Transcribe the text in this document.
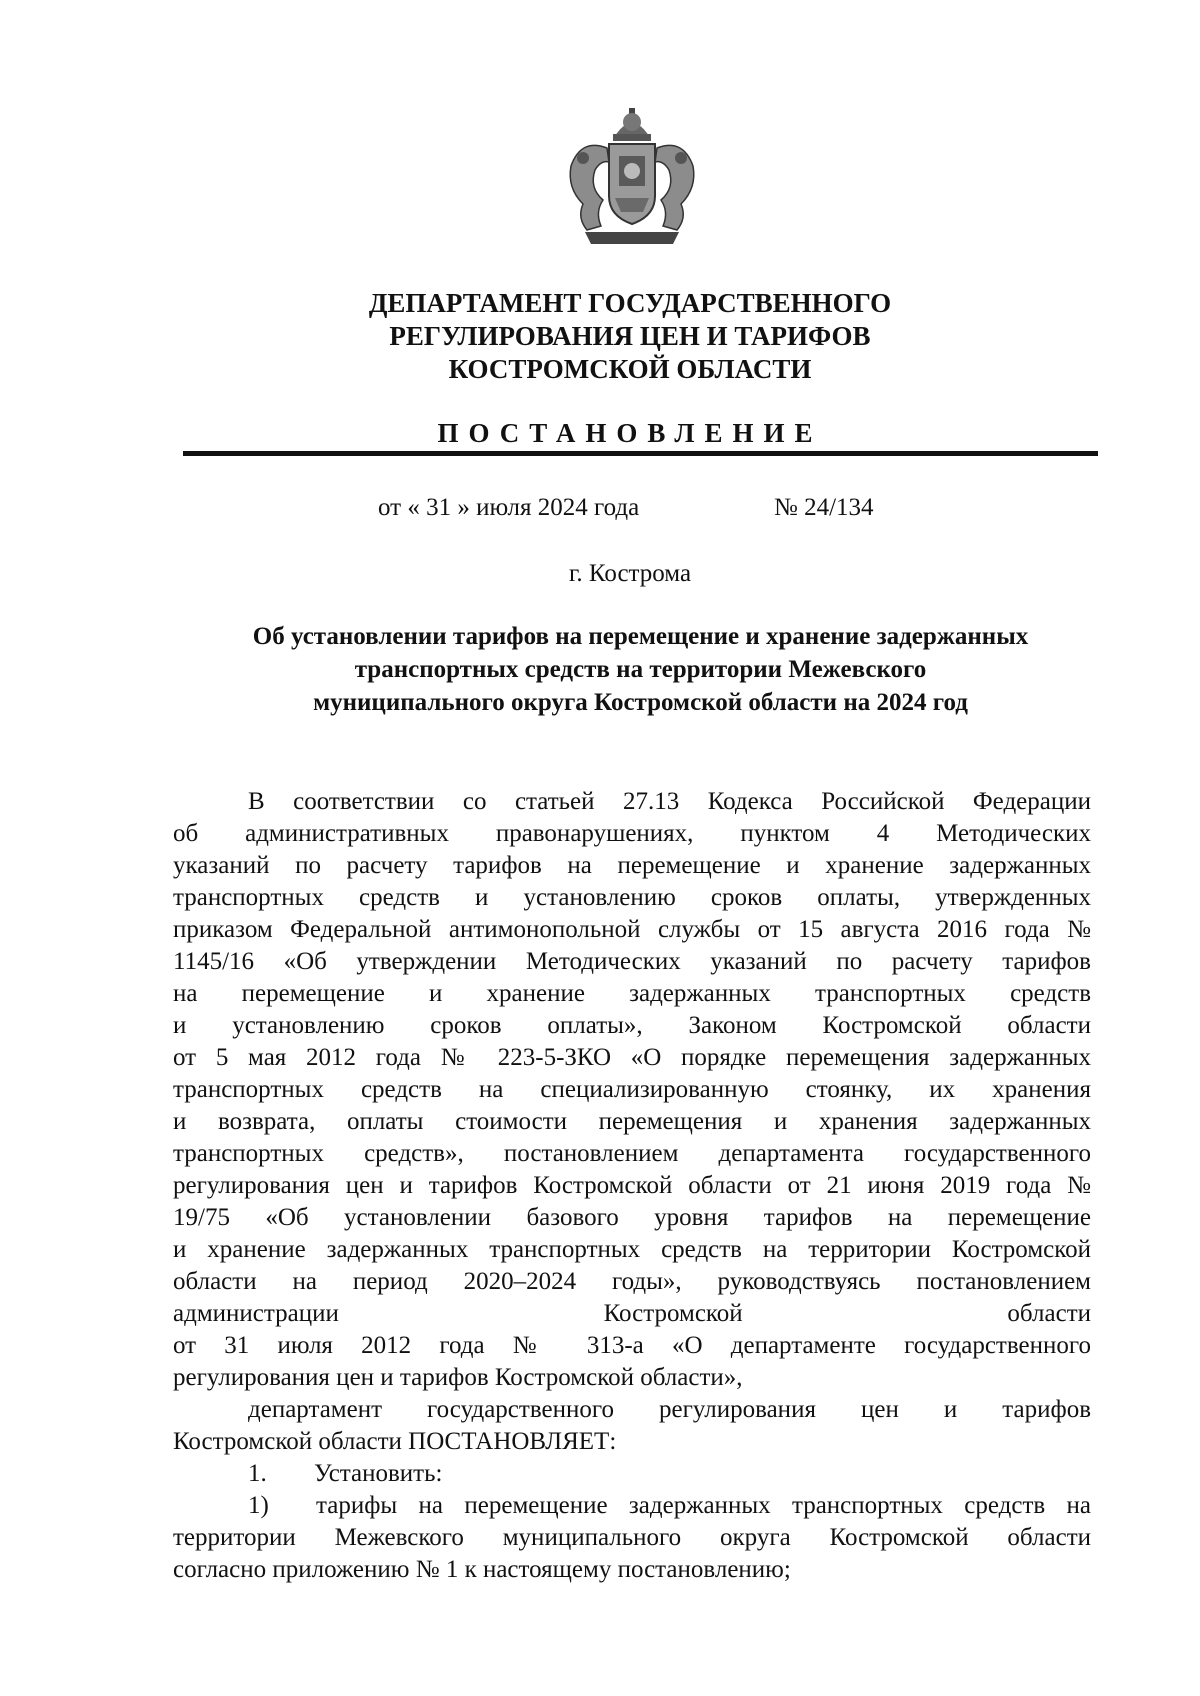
ДЕПАРТАМЕНТ ГОСУДАРСТВЕННОГО
РЕГУЛИРОВАНИЯ ЦЕН И ТАРИФОВ
КОСТРОМСКОЙ ОБЛАСТИ
ПОСТАНОВЛЕНИЕ
от « 31 » июля 2024 года	№ 24/134
г. Кострома
Об установлении тарифов на перемещение и хранение задержанных
транспортных средств на территории Межевского
муниципального округа Костромской области на 2024 год
В соответствии со статьей 27.13 Кодекса Российской Федерации
об административных правонарушениях, пунктом 4 Методических
указаний по расчету тарифов на перемещение и хранение задержанных
транспортных средств и установлению сроков оплаты, утвержденных
приказом Федеральной антимонопольной службы от 15 августа 2016 года №
1145/16 «Об утверждении Методических указаний по расчету тарифов
на перемещение и хранение задержанных транспортных средств
и установлению сроков оплаты», Законом Костромской области
от 5 мая 2012 года № 223-5-ЗКО «О порядке перемещения задержанных
транспортных средств на специализированную стоянку, их хранения
и возврата, оплаты стоимости перемещения и хранения задержанных
транспортных средств», постановлением департамента государственного
регулирования цен и тарифов Костромской области от 21 июня 2019 года №
19/75 «Об установлении базового уровня тарифов на перемещение
и хранение задержанных транспортных средств на территории Костромской
области на период 2020–2024 годы», руководствуясь постановлением
администрации Костромской области
от 31 июля 2012 года № 313-а «О департаменте государственного
регулирования цен и тарифов Костромской области»,
департамент государственного регулирования цен и тарифов
Костромской области ПОСТАНОВЛЯЕТ:
1. Установить:
1)	тарифы на перемещение задержанных транспортных средств на
территории Межевского муниципального округа Костромской области
согласно приложению № 1 к настоящему постановлению;
